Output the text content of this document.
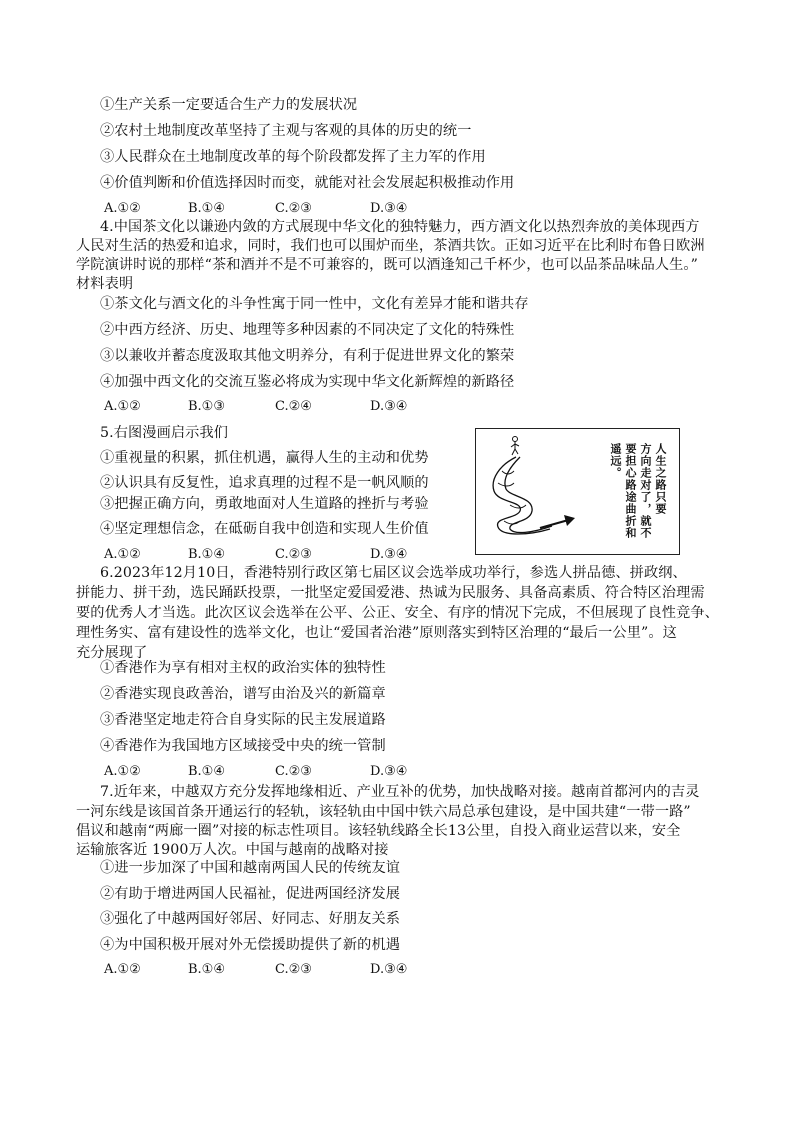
①生产关系一定要适合生产力的发展状况
②农村土地制度改革坚持了主观与客观的具体的历史的统一
③人民群众在土地制度改革的每个阶段都发挥了主力军的作用
④价值判断和价值选择因时而变，就能对社会发展起积极推动作用
A.①②	B.①④	C.②③	D.③④
4.中国茶文化以谦逊内敛的方式展现中华文化的独特魅力，西方酒文化以热烈奔放的美体现西方
人民对生活的热爱和追求，同时，我们也可以围炉而坐，茶酒共饮。正如习近平在比利时布鲁日欧洲
学院演讲时说的那样“茶和酒并不是不可兼容的，既可以酒逢知己千杯少，也可以品茶品味品人生。”
材料表明
①茶文化与酒文化的斗争性寓于同一性中，文化有差异才能和谐共存
②中西方经济、历史、地理等多种因素的不同决定了文化的特殊性
③以兼收并蓄态度汲取其他文明养分，有利于促进世界文化的繁荣
④加强中西文化的交流互鉴必将成为实现中华文化新辉煌的新路径
A.①②	B.①③	C.②④	D.③④
5.右图漫画启示我们
①重视量的积累，抓住机遇，赢得人生的主动和优势
②认识具有反复性，追求真理的过程不是一帆风顺的
③把握正确方向，勇敢地面对人生道路的挫折与考验
④坚定理想信念，在砥砺自我中创造和实现人生价值
A.①②	B.①④	C.②③	D.③④
人生之路只要
方向走对了，就不
要担心路途曲折和
遥远。
6.2023年12月10日，香港特别行政区第七届区议会选举成功举行，参选人拼品德、拼政纲、
拼能力、拼干劲，选民踊跃投票，一批坚定爱国爱港、热诚为民服务、具备高素质、符合特区治理需
要的优秀人才当选。此次区议会选举在公平、公正、安全、有序的情况下完成，不但展现了良性竞争、
理性务实、富有建设性的选举文化，也让“爱国者治港”原则落实到特区治理的“最后一公里”。这
充分展现了
①香港作为享有相对主权的政治实体的独特性
②香港实现良政善治，谱写由治及兴的新篇章
③香港坚定地走符合自身实际的民主发展道路
④香港作为我国地方区域接受中央的统一管制
A.①②	B.①④	C.②③	D.③④
7.近年来，中越双方充分发挥地缘相近、产业互补的优势，加快战略对接。越南首都河内的吉灵
一河东线是该国首条开通运行的轻轨，该轻轨由中国中铁六局总承包建设，是中国共建“一带一路”
倡议和越南“两廊一圈”对接的标志性项目。该轻轨线路全长13公里，自投入商业运营以来，安全
运输旅客近 1900万人次。中国与越南的战略对接
①进一步加深了中国和越南两国人民的传统友谊
②有助于增进两国人民福祉，促进两国经济发展
③强化了中越两国好邻居、好同志、好朋友关系
④为中国积极开展对外无偿援助提供了新的机遇
A.①②	B.①④	C.②③	D.③④
